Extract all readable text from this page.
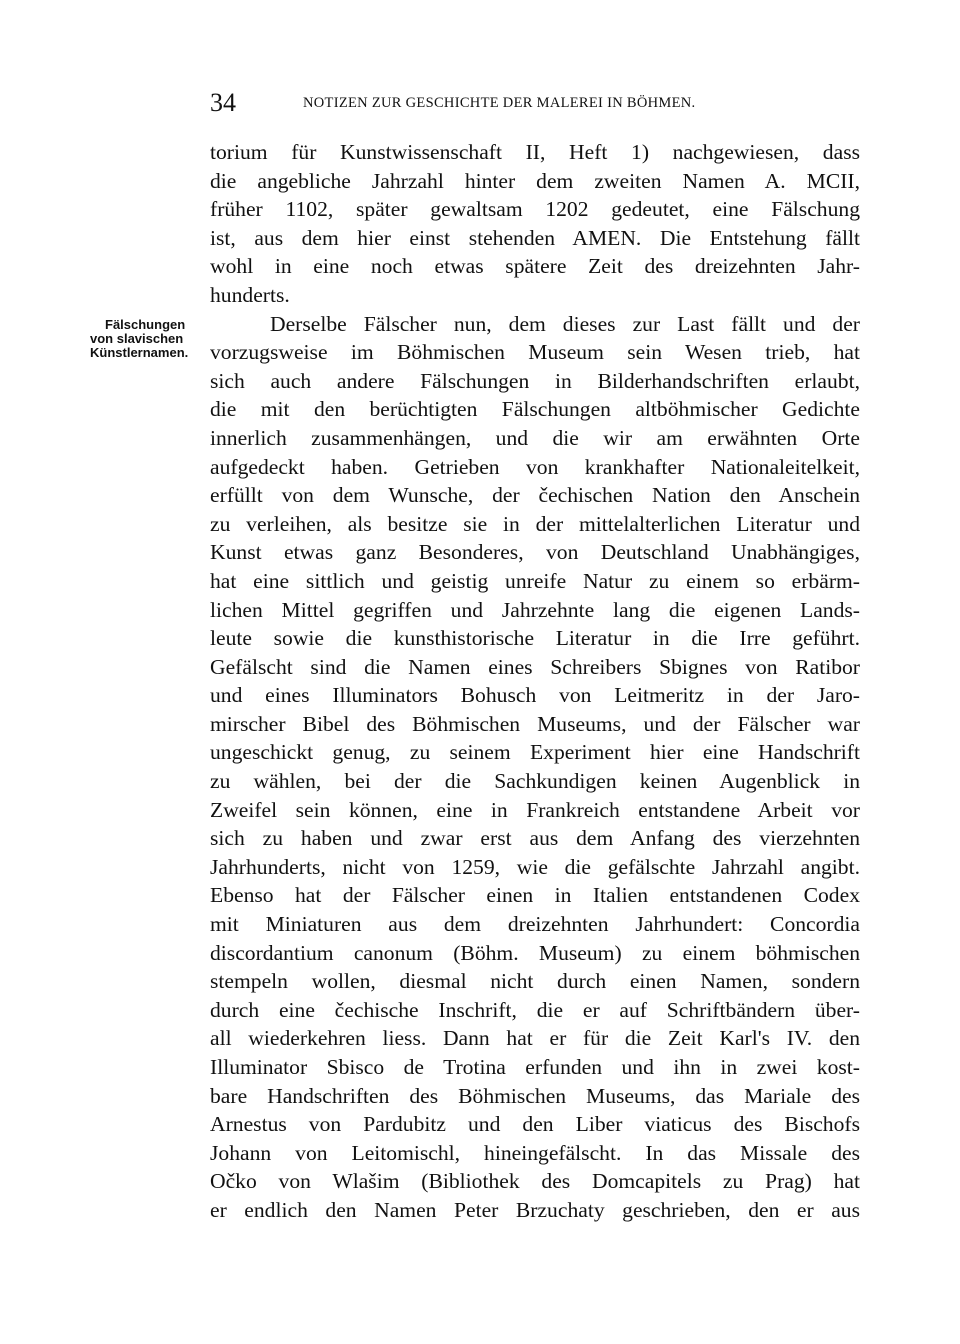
34	NOTIZEN ZUR GESCHICHTE DER MALEREI IN BÖHMEN.
Fälschungen
von slavischen
Künstlernamen.
torium für Kunstwissenschaft II, Heft 1) nachgewiesen, dass
die angebliche Jahrzahl hinter dem zweiten Namen A. MCII,
früher 1102, später gewaltsam 1202 gedeutet, eine Fälschung
ist, aus dem hier einst stehenden AMEN. Die Entstehung fällt
wohl in eine noch etwas spätere Zeit des dreizehnten Jahr-
hunderts.
Derselbe Fälscher nun, dem dieses zur Last fällt und der
vorzugsweise im Böhmischen Museum sein Wesen trieb, hat
sich auch andere Fälschungen in Bilderhandschriften erlaubt,
die mit den berüchtigten Fälschungen altböhmischer Gedichte
innerlich zusammenhängen, und die wir am erwähnten Orte
aufgedeckt haben. Getrieben von krankhafter Nationaleitelkeit,
erfüllt von dem Wunsche, der čechischen Nation den Anschein
zu verleihen, als besitze sie in der mittelalterlichen Literatur und
Kunst etwas ganz Besonderes, von Deutschland Unabhängiges,
hat eine sittlich und geistig unreife Natur zu einem so erbärm-
lichen Mittel gegriffen und Jahrzehnte lang die eigenen Lands-
leute sowie die kunsthistorische Literatur in die Irre geführt.
Gefälscht sind die Namen eines Schreibers Sbignes von Ratibor
und eines Illuminators Bohusch von Leitmeritz in der Jaro-
mirscher Bibel des Böhmischen Museums, und der Fälscher war
ungeschickt genug, zu seinem Experiment hier eine Handschrift
zu wählen, bei der die Sachkundigen keinen Augenblick in
Zweifel sein können, eine in Frankreich entstandene Arbeit vor
sich zu haben und zwar erst aus dem Anfang des vierzehnten
Jahrhunderts, nicht von 1259, wie die gefälschte Jahrzahl angibt.
Ebenso hat der Fälscher einen in Italien entstandenen Codex
mit Miniaturen aus dem dreizehnten Jahrhundert: Concordia
discordantium canonum (Böhm. Museum) zu einem böhmischen
stempeln wollen, diesmal nicht durch einen Namen, sondern
durch eine čechische Inschrift, die er auf Schriftbändern über-
all wiederkehren liess. Dann hat er für die Zeit Karl's IV. den
Illuminator Sbisco de Trotina erfunden und ihn in zwei kost-
bare Handschriften des Böhmischen Museums, das Mariale des
Arnestus von Pardubitz und den Liber viaticus des Bischofs
Johann von Leitomischl, hineingefälscht. In das Missale des
Očko von Wlašim (Bibliothek des Domcapitels zu Prag) hat
er endlich den Namen Peter Brzuchaty geschrieben, den er aus
